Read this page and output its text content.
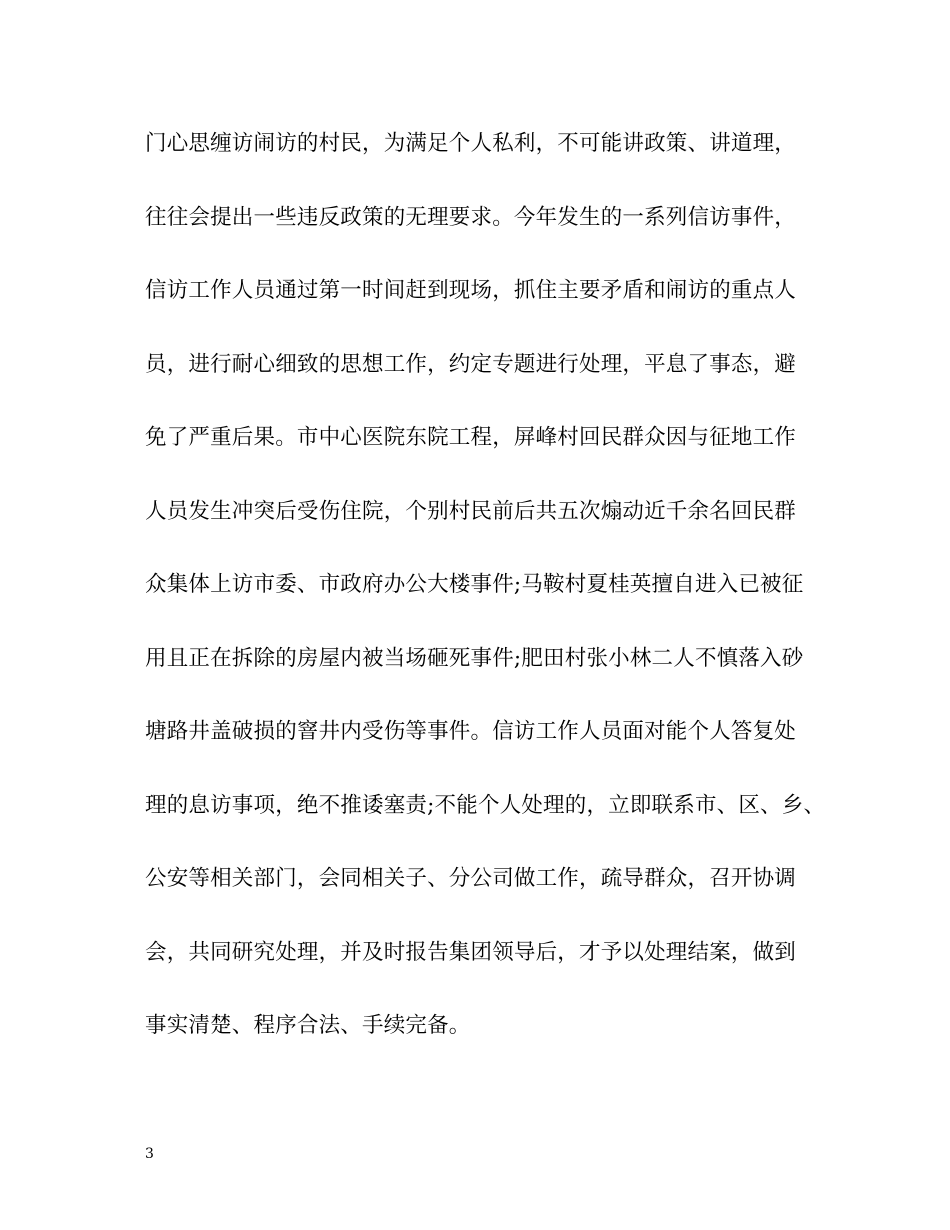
门心思缠访闹访的村民，为满足个人私利，不可能讲政策、讲道理，
往往会提出一些违反政策的无理要求。今年发生的一系列信访事件，
信访工作人员通过第一时间赶到现场，抓住主要矛盾和闹访的重点人
员，进行耐心细致的思想工作，约定专题进行处理，平息了事态，避
免了严重后果。市中心医院东院工程，屏峰村回民群众因与征地工作
人员发生冲突后受伤住院，个别村民前后共五次煽动近千余名回民群
众集体上访市委、市政府办公大楼事件;马鞍村夏桂英擅自进入已被征
用且正在拆除的房屋内被当场砸死事件;肥田村张小林二人不慎落入砂
塘路井盖破损的窨井内受伤等事件。信访工作人员面对能个人答复处
理的息访事项，绝不推诿塞责;不能个人处理的，立即联系市、区、乡、
公安等相关部门，会同相关子、分公司做工作，疏导群众，召开协调
会，共同研究处理，并及时报告集团领导后，才予以处理结案，做到
事实清楚、程序合法、手续完备。
3
